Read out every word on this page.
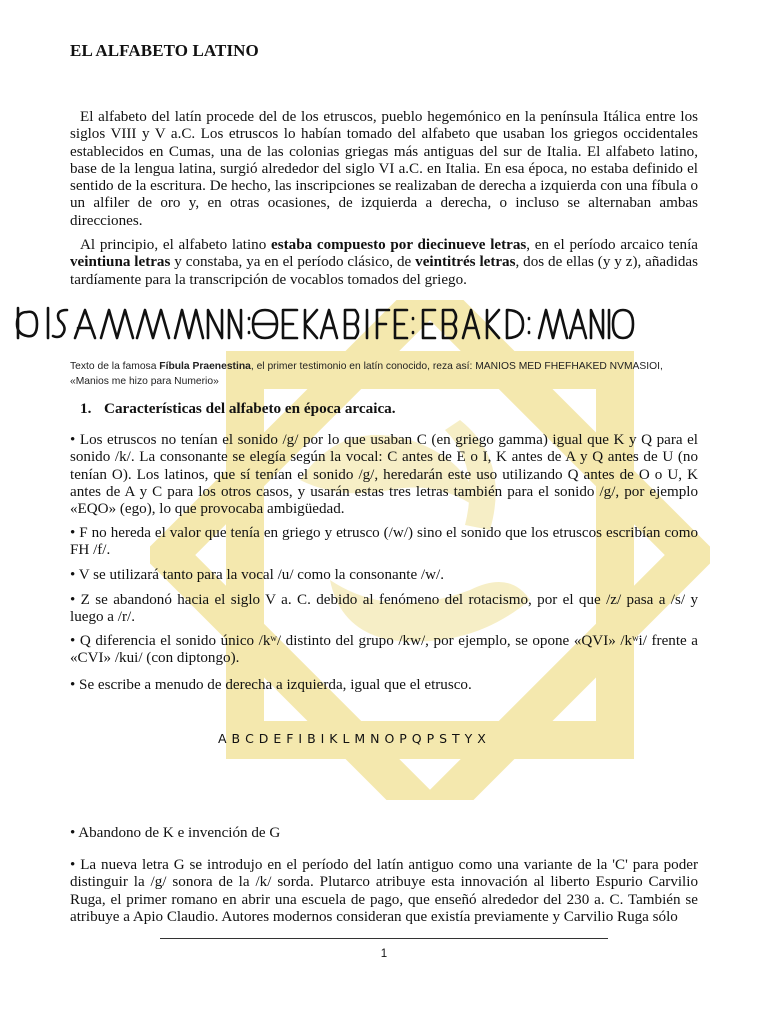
EL ALFABETO LATINO

El alfabeto del latín procede del de los etruscos, pueblo hegemónico en la península Itálica entre los siglos VIII y V a.C. Los etruscos lo habían tomado del alfabeto que usaban los griegos occidentales establecidos en Cumas, una de las colonias griegas más antiguas del sur de Italia. El alfabeto latino, base de la lengua latina, surgió alrededor del siglo VI a.C. en Italia. En esa época, no estaba definido el sentido de la escritura. De hecho, las inscripciones se realizaban de derecha a izquierda con una fíbula o un alfiler de oro y, en otras ocasiones, de izquierda a derecha, o incluso se alternaban ambas direcciones.

Al principio, el alfabeto latino estaba compuesto por diecinueve letras, en el período arcaico tenía veintiuna letras y constaba, ya en el período clásico, de veintitrés letras, dos de ellas (y y z), añadidas tardíamente para la transcripción de vocablos tomados del griego.

Texto de la famosa Fíbula Praenestina, el primer testimonio en latín conocido, reza así: MANIOS MED FHEFHAKED NVMASIOI, «Manios me hizo para Numerio»

1. Características del alfabeto en época arcaica.

• Los etruscos no tenían el sonido /g/ por lo que usaban C (en griego gamma) igual que K y Q para el sonido /k/. La consonante se elegía según la vocal: C antes de E o I, K antes de A y Q antes de U (no tenían O). Los latinos, que sí tenían el sonido /g/, heredarán este uso utilizando Q antes de O o U, K antes de A y C para los otros casos, y usarán estas tres letras también para el sonido /g/, por ejemplo «EQO» (ego), lo que provocaba ambigüedad.

• F no hereda el valor que tenía en griego y etrusco (/w/) sino el sonido que los etruscos escribían como FH /f/.

• V se utilizará tanto para la vocal /u/ como la consonante /w/.

• Z se abandonó hacia el siglo V a. C. debido al fenómeno del rotacismo, por el que /z/ pasa a /s/ y luego a /r/.

• Q diferencia el sonido único /kʷ/ distinto del grupo /kw/, por ejemplo, se opone «QVI» /kʷi/ frente a «CVI» /kui/ (con diptongo).

• Se escribe a menudo de derecha a izquierda, igual que el etrusco.

• Abandono de K e invención de G

• La nueva letra G se introdujo en el período del latín antiguo como una variante de la 'C' para poder distinguir la /g/ sonora de la /k/ sorda. Plutarco atribuye esta innovación al liberto Espurio Carvilio Ruga, el primer romano en abrir una escuela de pago, que enseñó alrededor del 230 a. C. También se atribuye a Apio Claudio. Autores modernos consideran que existía previamente y Carvilio Ruga sólo

ꓮ B C D E F I B I K L M N O P Q P S T Y X

1
